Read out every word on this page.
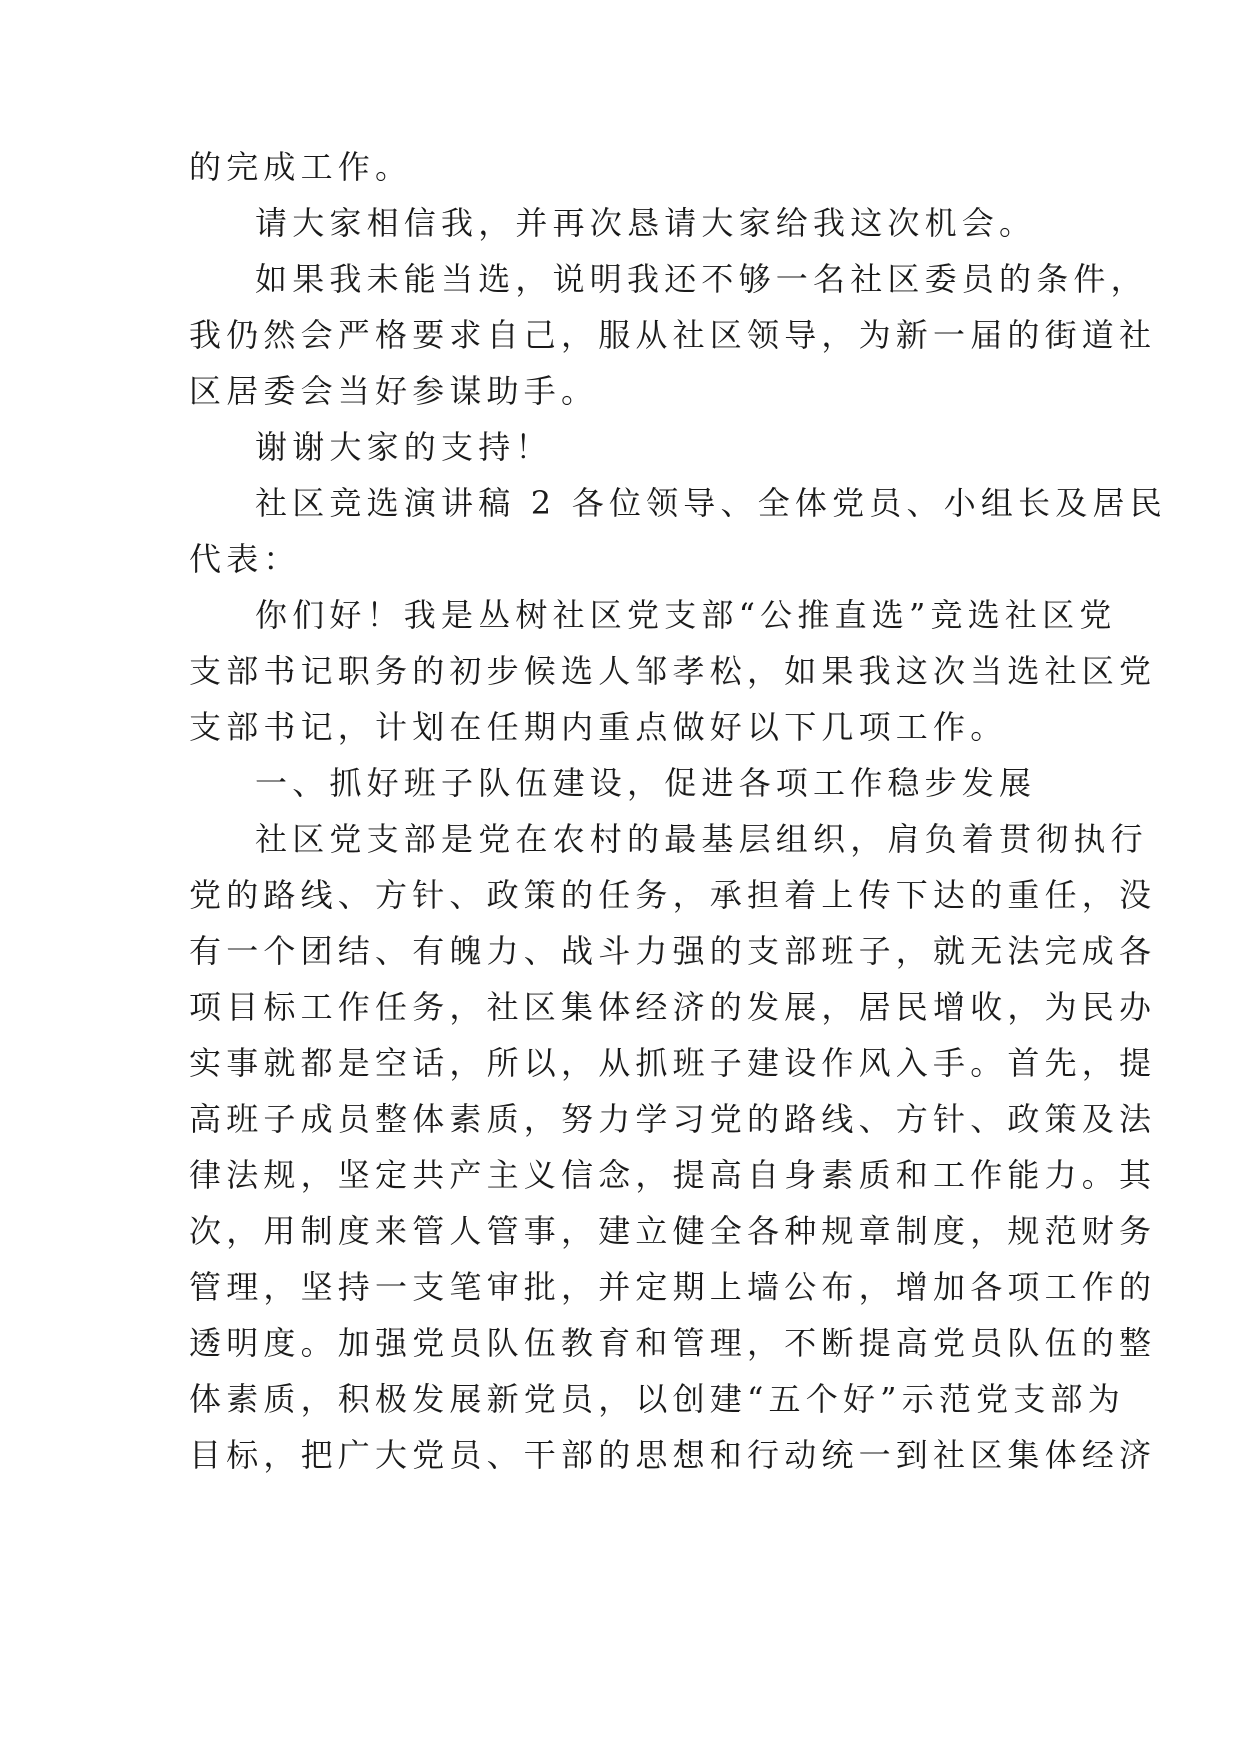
的完成工作。

请大家相信我，并再次恳请大家给我这次机会。

如果我未能当选，说明我还不够一名社区委员的条件，

我仍然会严格要求自己，服从社区领导，为新一届的街道社

区居委会当好参谋助手。

谢谢大家的支持！

社区竞选演讲稿 2 各位领导、全体党员、小组长及居民

代表：

你们好！我是丛树社区党支部“公推直选”竞选社区党

支部书记职务的初步候选人邹孝松，如果我这次当选社区党

支部书记，计划在任期内重点做好以下几项工作。

一、抓好班子队伍建设，促进各项工作稳步发展

社区党支部是党在农村的最基层组织，肩负着贯彻执行

党的路线、方针、政策的任务，承担着上传下达的重任，没

有一个团结、有魄力、战斗力强的支部班子，就无法完成各

项目标工作任务，社区集体经济的发展，居民增收，为民办

实事就都是空话，所以，从抓班子建设作风入手。首先，提

高班子成员整体素质，努力学习党的路线、方针、政策及法

律法规，坚定共产主义信念，提高自身素质和工作能力。其

次，用制度来管人管事，建立健全各种规章制度，规范财务

管理，坚持一支笔审批，并定期上墙公布，增加各项工作的

透明度。加强党员队伍教育和管理，不断提高党员队伍的整

体素质，积极发展新党员，以创建“五个好”示范党支部为

目标，把广大党员、干部的思想和行动统一到社区集体经济
